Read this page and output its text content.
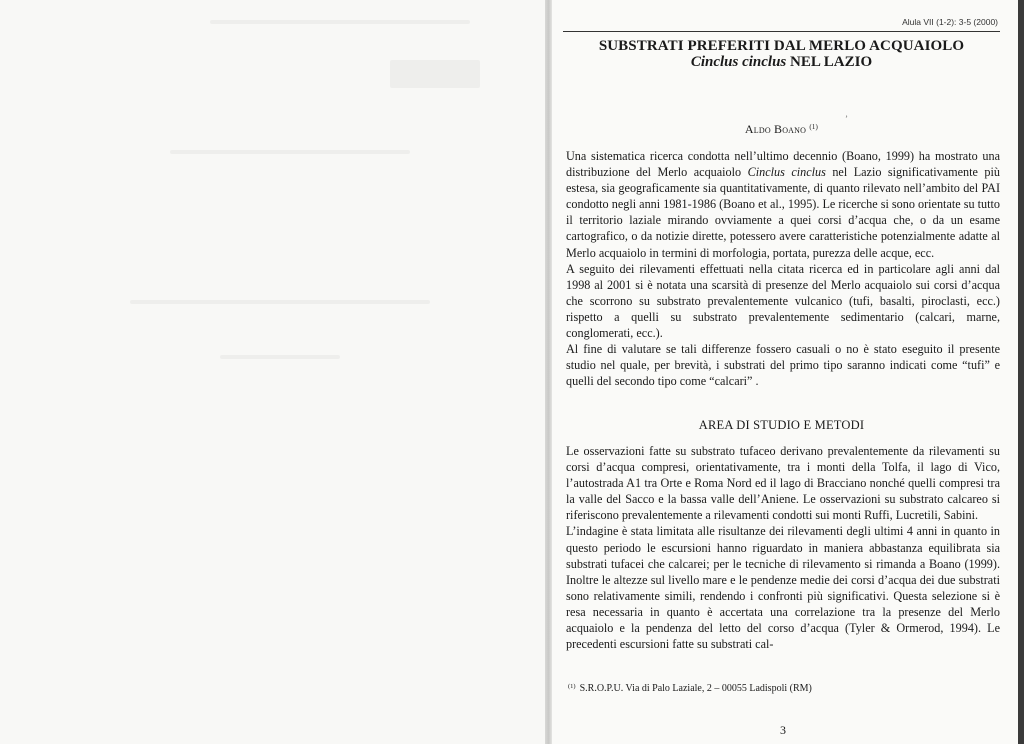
Alula VII (1-2): 3-5 (2000)
SUBSTRATI PREFERITI DAL MERLO ACQUAIOLO
Cinclus cinclus NEL LAZIO
Aldo Boano $^{(1)}$
’

Una sistematica ricerca condotta nell’ultimo decennio (Boano, 1999) ha mostrato una distribuzione del Merlo acquaiolo Cinclus cinclus nel Lazio significativamente più estesa, sia geograficamente sia quantitativamente, di quanto rilevato nell’ambito del PAI condotto negli anni 1981-1986 (Boano et al., 1995). Le ricerche si sono orientate su tutto il territorio laziale mirando ovviamente a quei corsi d’acqua che, o da un esame cartografico, o da notizie dirette, potessero avere caratteristiche potenzialmente adatte al Merlo acquaiolo in termini di morfologia, portata, purezza delle acque, ecc.

A seguito dei rilevamenti effettuati nella citata ricerca ed in particolare agli anni dal 1998 al 2001 si è notata una scarsità di presenze del Merlo acquaiolo sui corsi d’acqua che scorrono su substrato prevalentemente vulcanico (tufi, basalti, piroclasti, ecc.) rispetto a quelli su substrato prevalentemente sedimentario (calcari, marne, conglomerati, ecc.).

Al fine di valutare se tali differenze fossero casuali o no è stato eseguito il presente studio nel quale, per brevità, i substrati del primo tipo saranno indicati come “tufi” e quelli del secondo tipo come “calcari” .

AREA DI STUDIO E METODI

Le osservazioni fatte su substrato tufaceo derivano prevalentemente da rilevamenti su corsi d’acqua compresi, orientativamente, tra i monti della Tolfa, il lago di Vico, l’autostrada A1 tra Orte e Roma Nord ed il lago di Bracciano nonché quelli compresi tra la valle del Sacco e la bassa valle dell’Aniene. Le osservazioni su substrato calcareo si riferiscono prevalentemente a rilevamenti condotti sui monti Ruffi, Lucretili, Sabini.

L’indagine è stata limitata alle risultanze dei rilevamenti degli ultimi 4 anni in quanto in questo periodo le escursioni hanno riguardato in maniera abbastanza equilibrata sia substrati tufacei che calcarei; per le tecniche di rilevamento si rimanda a Boano (1999). Inoltre le altezze sul livello mare e le pendenze medie dei corsi d’acqua dei due substrati sono relativamente simili, rendendo i confronti più significativi. Questa selezione si è resa necessaria in quanto è accertata una correlazione tra la presenze del Merlo acquaiolo e la pendenza del letto del corso d’acqua (Tyler & Ormerod, 1994). Le precedenti escursioni fatte su substrati cal-

$^{(1)}$ S.R.O.P.U. Via di Palo Laziale, 2 – 00055 Ladispoli (RM)
3
